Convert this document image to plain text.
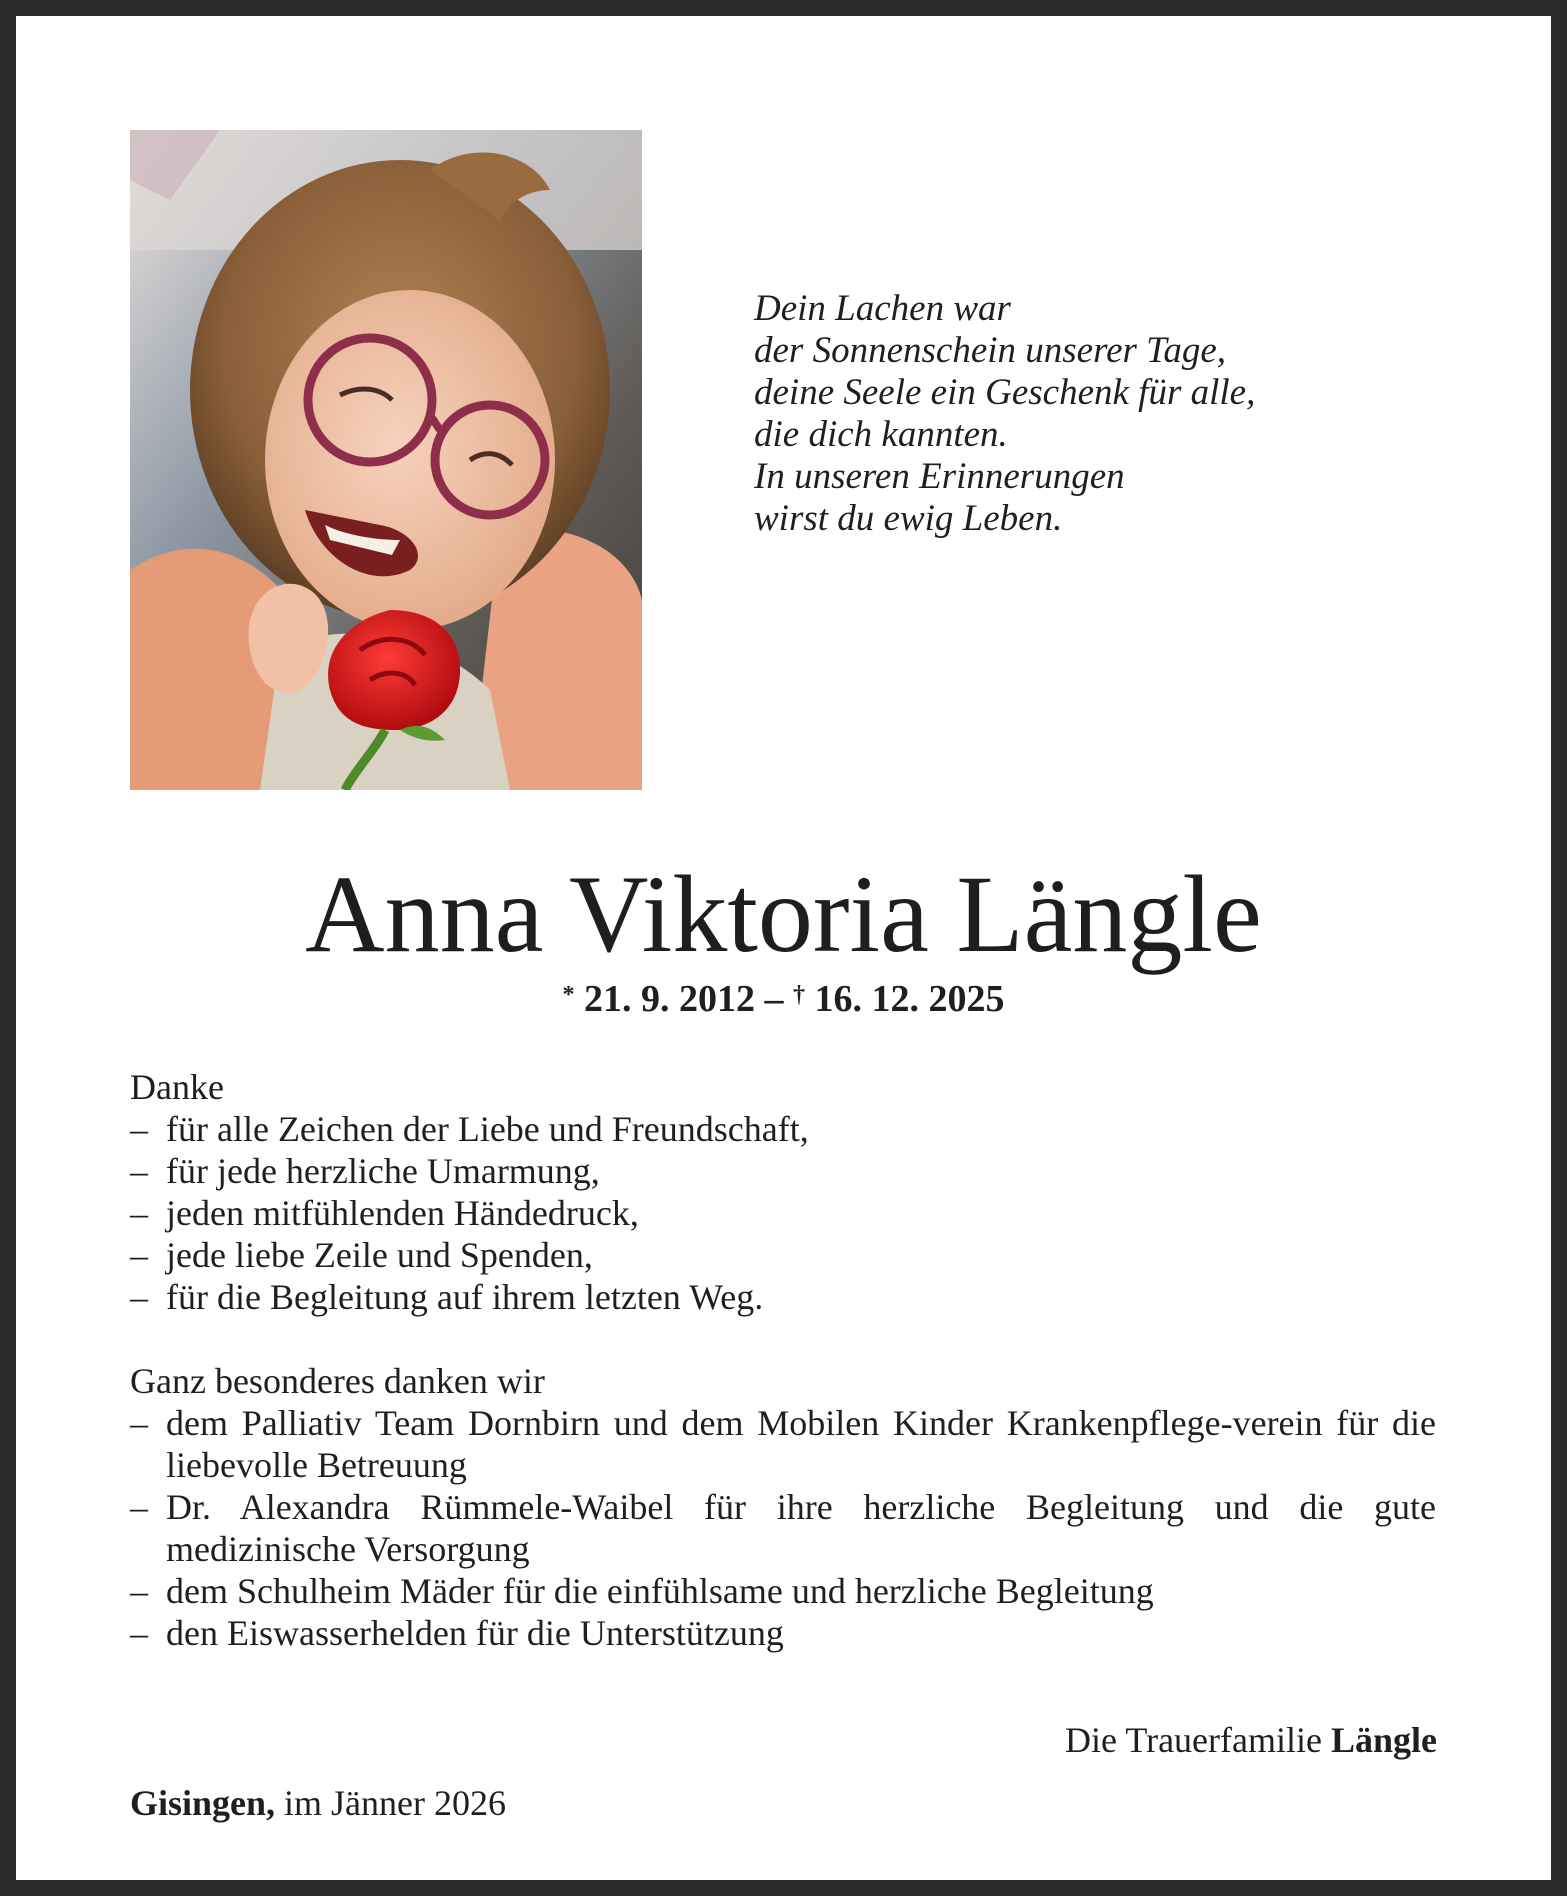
Dein Lachen war
der Sonnenschein unserer Tage,
deine Seele ein Geschenk für alle,
die dich kannten.
In unseren Erinnerungen
wirst du ewig Leben.
Anna Viktoria Längle
* 21. 9. 2012 – † 16. 12. 2025
Danke
– für alle Zeichen der Liebe und Freundschaft,
– für jede herzliche Umarmung,
– jeden mitfühlenden Händedruck,
– jede liebe Zeile und Spenden,
– für die Begleitung auf ihrem letzten Weg.
Ganz besonderes danken wir
– dem Palliativ Team Dornbirn und dem Mobilen Kinder Krankenpflege-verein für die liebevolle Betreuung
– Dr. Alexandra Rümmele-Waibel für ihre herzliche Begleitung und die gute medizinische Versorgung
– dem Schulheim Mäder für die einfühlsame und herzliche Begleitung
– den Eiswasserhelden für die Unterstützung
Die Trauerfamilie Längle
Gisingen, im Jänner 2026
